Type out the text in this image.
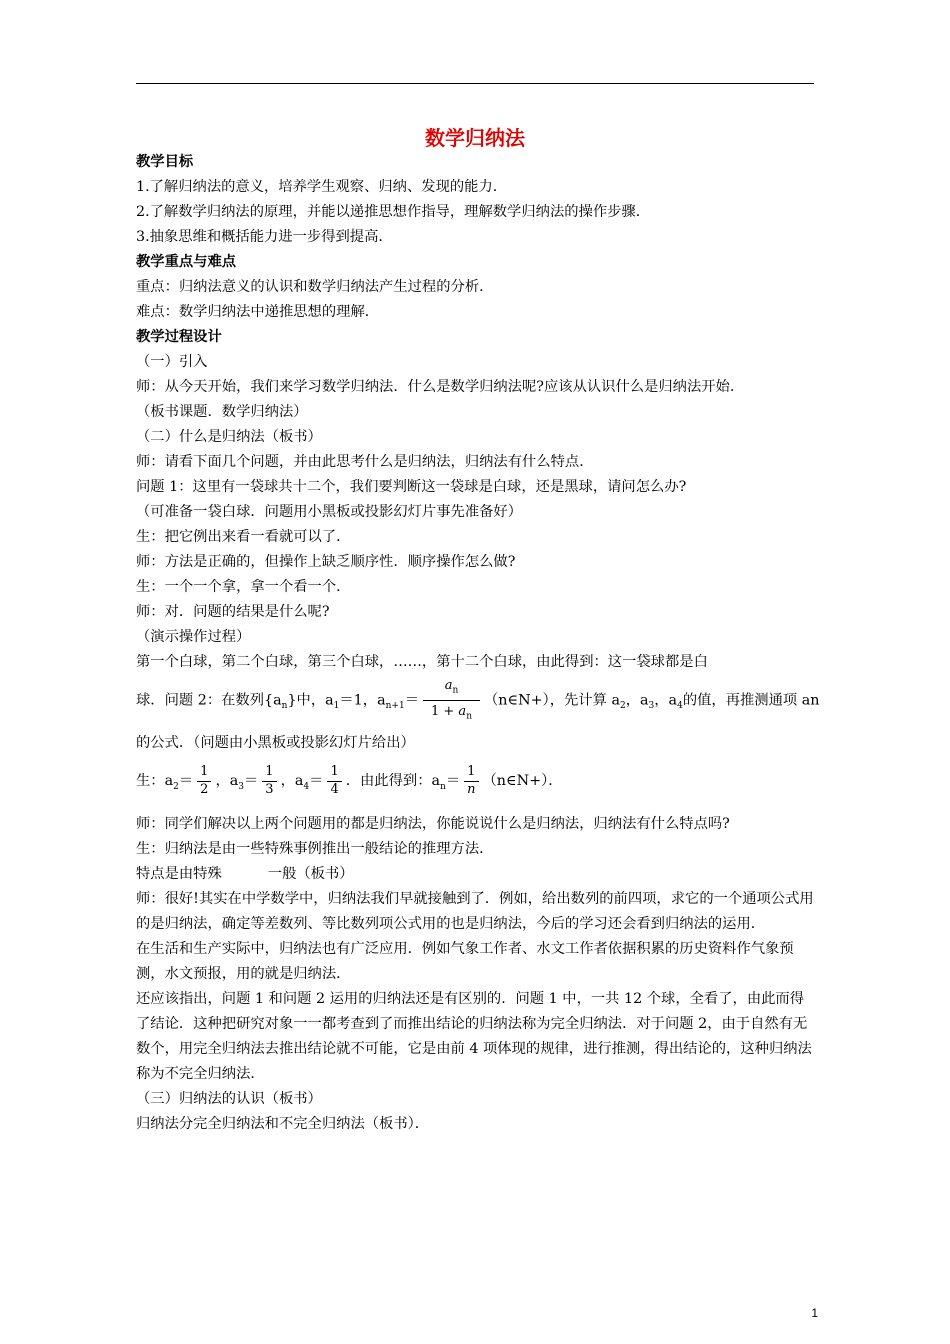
数学归纳法
教学目标
1.了解归纳法的意义，培养学生观察、归纳、发现的能力．
2.了解数学归纳法的原理，并能以递推思想作指导，理解数学归纳法的操作步骤．
3.抽象思维和概括能力进一步得到提高．
教学重点与难点
重点：归纳法意义的认识和数学归纳法产生过程的分析．
难点：数学归纳法中递推思想的理解．
教学过程设计
（一）引入
师：从今天开始，我们来学习数学归纳法．什么是数学归纳法呢?应该从认识什么是归纳法开始．
（板书课题．数学归纳法）
（二）什么是归纳法（板书）
师：请看下面几个问题，并由此思考什么是归纳法，归纳法有什么特点．
问题 1：这里有一袋球共十二个，我们要判断这一袋球是白球，还是黑球，请问怎么办?
（可准备一袋白球．问题用小黑板或投影幻灯片事先准备好）
生：把它例出来看一看就可以了．
师：方法是正确的，但操作上缺乏顺序性．顺序操作怎么做?
生：一个一个拿，拿一个看一个．
师：对．问题的结果是什么呢?
（演示操作过程）
第一个白球，第二个白球，第三个白球，……，第十二个白球，由此得到：这一袋球都是白
球．问题 2：在数列$\{a_n\}$中，$a_1=1$，$a_{n+1}= \frac{a_n}{1 + a_n}$ （n∈N+），先计算 $a_2$，$a_3$，$a_4$的值，再推测通项 an
的公式．（问题由小黑板或投影幻灯片给出）
生：$a_2= \frac{1}{2}$ ，$a_3= \frac{1}{3}$ ，$a_4= \frac{1}{4}$ ．由此得到：$a_n= \frac{1}{n}$ （n∈N+）．
师：同学们解决以上两个问题用的都是归纳法，你能说说什么是归纳法，归纳法有什么特点吗?
生：归纳法是由一些特殊事例推出一般结论的推理方法．
特点是由特殊	一般（板书）
师：很好!其实在中学数学中，归纳法我们早就接触到了．例如，给出数列的前四项，求它的一个通项公式用的是归纳法，确定等差数列、等比数列项公式用的也是归纳法，今后的学习还会看到归纳法的运用．
在生活和生产实际中，归纳法也有广泛应用．例如气象工作者、水文工作者依据积累的历史资料作气象预测，水文预报，用的就是归纳法．
还应该指出，问题 1 和问题 2 运用的归纳法还是有区别的．问题 1 中，一共 12 个球，全看了，由此而得了结论．这种把研究对象一一都考查到了而推出结论的归纳法称为完全归纳法．对于问题 2，由于自然有无数个，用完全归纳法去推出结论就不可能，它是由前 4 项体现的规律，进行推测，得出结论的，这种归纳法称为不完全归纳法．
（三）归纳法的认识（板书）
归纳法分完全归纳法和不完全归纳法（板书）．
1
